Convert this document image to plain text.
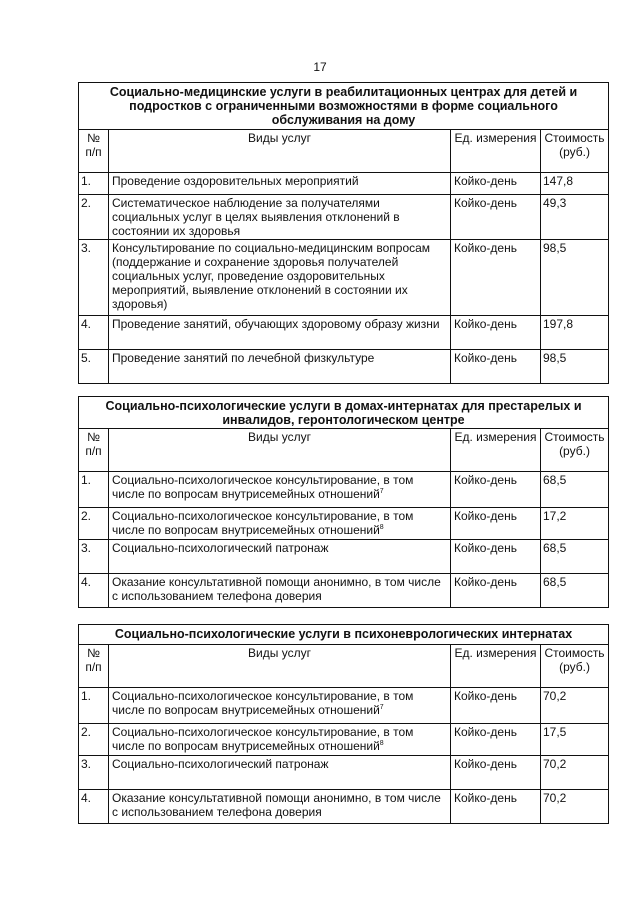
17
Социально-медицинские услуги в реабилитационных центрах для детей и подростков с ограниченными возможностями в форме социального обслуживания на дому			
№ п/п	Виды услуг	Ед. измерения	Стоимость (руб.)
1.	Проведение оздоровительных мероприятий	Койко-день	147,8
2.	Систематическое наблюдение за получателями социальных услуг в целях выявления отклонений в состоянии их здоровья	Койко-день	49,3
3.	Консультирование по социально-медицинским вопросам (поддержание и сохранение здоровья получателей социальных услуг, проведение оздоровительных мероприятий, выявление отклонений в состоянии их здоровья)	Койко-день	98,5
4.	Проведение занятий, обучающих здоровому образу жизни	Койко-день	197,8
5.	Проведение занятий по лечебной физкультуре	Койко-день	98,5
Социально-психологические услуги в домах-интернатах для престарелых и инвалидов, геронтологическом центре			
№ п/п	Виды услуг	Ед. измерения	Стоимость (руб.)
1.	Социально-психологическое консультирование, в том числе по вопросам внутрисемейных отношений$^7$	Койко-день	68,5
2.	Социально-психологическое консультирование, в том числе по вопросам внутрисемейных отношений$^8$	Койко-день	17,2
3.	Социально-психологический патронаж	Койко-день	68,5
4.	Оказание консультативной помощи анонимно, в том числе с использованием телефона доверия	Койко-день	68,5
Социально-психологические услуги в психоневрологических интернатах			
№ п/п	Виды услуг	Ед. измерения	Стоимость (руб.)
1.	Социально-психологическое консультирование, в том числе по вопросам внутрисемейных отношений$^7$	Койко-день	70,2
2.	Социально-психологическое консультирование, в том числе по вопросам внутрисемейных отношений$^8$	Койко-день	17,5
3.	Социально-психологический патронаж	Койко-день	70,2
4.	Оказание консультативной помощи анонимно, в том числе с использованием телефона доверия	Койко-день	70,2
